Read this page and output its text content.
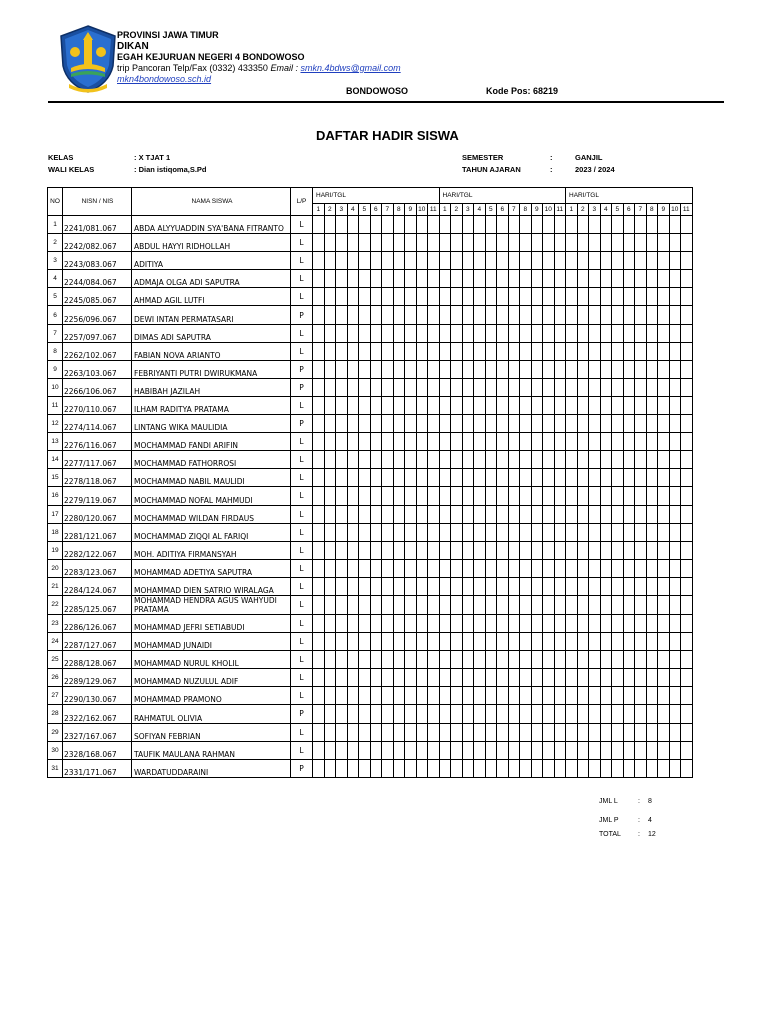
PROVINSI JAWA TIMUR
DIKAN
EGAH KEJURUAN NEGERI 4 BONDOWOSO
trip Pancoran Telp/Fax (0332) 433350 Email : smkn.4bdws@gmail.com
mkn4bondowoso.sch.id
BONDOWOSO	Kode Pos: 68219
DAFTAR HADIR SISWA
KELAS	: X TJAT 1
WALI KELAS	: Dian istiqoma,S.Pd
SEMESTER	:	GANJIL
TAHUN AJARAN	:	2023 / 2024
NO	NISN / NIS	NAMA SISWA	L/P	HARI/TGL											HARI/TGL											HARI/TGL										
				1	2	3	4	5	6	7	8	9	10	11	1	2	3	4	5	6	7	8	9	10	11	1	2	3	4	5	6	7	8	9	10	11
1	2241/081.067	ABDA ALYYUADDIN SYA'BANA FITRANTO	L																																	
2	2242/082.067	ABDUL HAYYI RIDHOLLAH	L																																	
3	2243/083.067	ADITIYA	L																																	
4	2244/084.067	ADMAJA OLGA ADI SAPUTRA	L																																	
5	2245/085.067	AHMAD AGIL LUTFI	L																																	
6	2256/096.067	DEWI INTAN PERMATASARI	P																																	
7	2257/097.067	DIMAS ADI SAPUTRA	L																																	
8	2262/102.067	FABIAN NOVA ARIANTO	L																																	
9	2263/103.067	FEBRIYANTI PUTRI DWIRUKMANA	P																																	
10	2266/106.067	HABIBAH JAZILAH	P																																	
11	2270/110.067	ILHAM RADITYA PRATAMA	L																																	
12	2274/114.067	LINTANG WIKA MAULIDIA	P																																	
13	2276/116.067	MOCHAMMAD FANDI ARIFIN	L																																	
14	2277/117.067	MOCHAMMAD FATHORROSI	L																																	
15	2278/118.067	MOCHAMMAD NABIL MAULIDI	L																																	
16	2279/119.067	MOCHAMMAD NOFAL MAHMUDI	L																																	
17	2280/120.067	MOCHAMMAD WILDAN FIRDAUS	L																																	
18	2281/121.067	MOCHAMMAD ZIQQI AL FARIQI	L																																	
19	2282/122.067	MOH. ADITIYA FIRMANSYAH	L																																	
20	2283/123.067	MOHAMMAD ADETIYA SAPUTRA	L																																	
21	2284/124.067	MOHAMMAD DIEN SATRIO WIRALAGA	L																																	
22	2285/125.067	MOHAMMAD HENDRA AGUS WAHYUDI PRATAMA	L																																	
23	2286/126.067	MOHAMMAD JEFRI SETIABUDI	L																																	
24	2287/127.067	MOHAMMAD JUNAIDI	L																																	
25	2288/128.067	MOHAMMAD NURUL KHOLIL	L																																	
26	2289/129.067	MOHAMMAD NUZULUL ADIF	L																																	
27	2290/130.067	MOHAMMAD PRAMONO	L																																	
28	2322/162.067	RAHMATUL OLIVIA	P																																	
29	2327/167.067	SOFIYAN FEBRIAN	L																																	
30	2328/168.067	TAUFIK MAULANA RAHMAN	L																																	
31	2331/171.067	WARDATUDDARAINI	P																																	
JML L	: 8
JML P	: 4
TOTAL : 12
